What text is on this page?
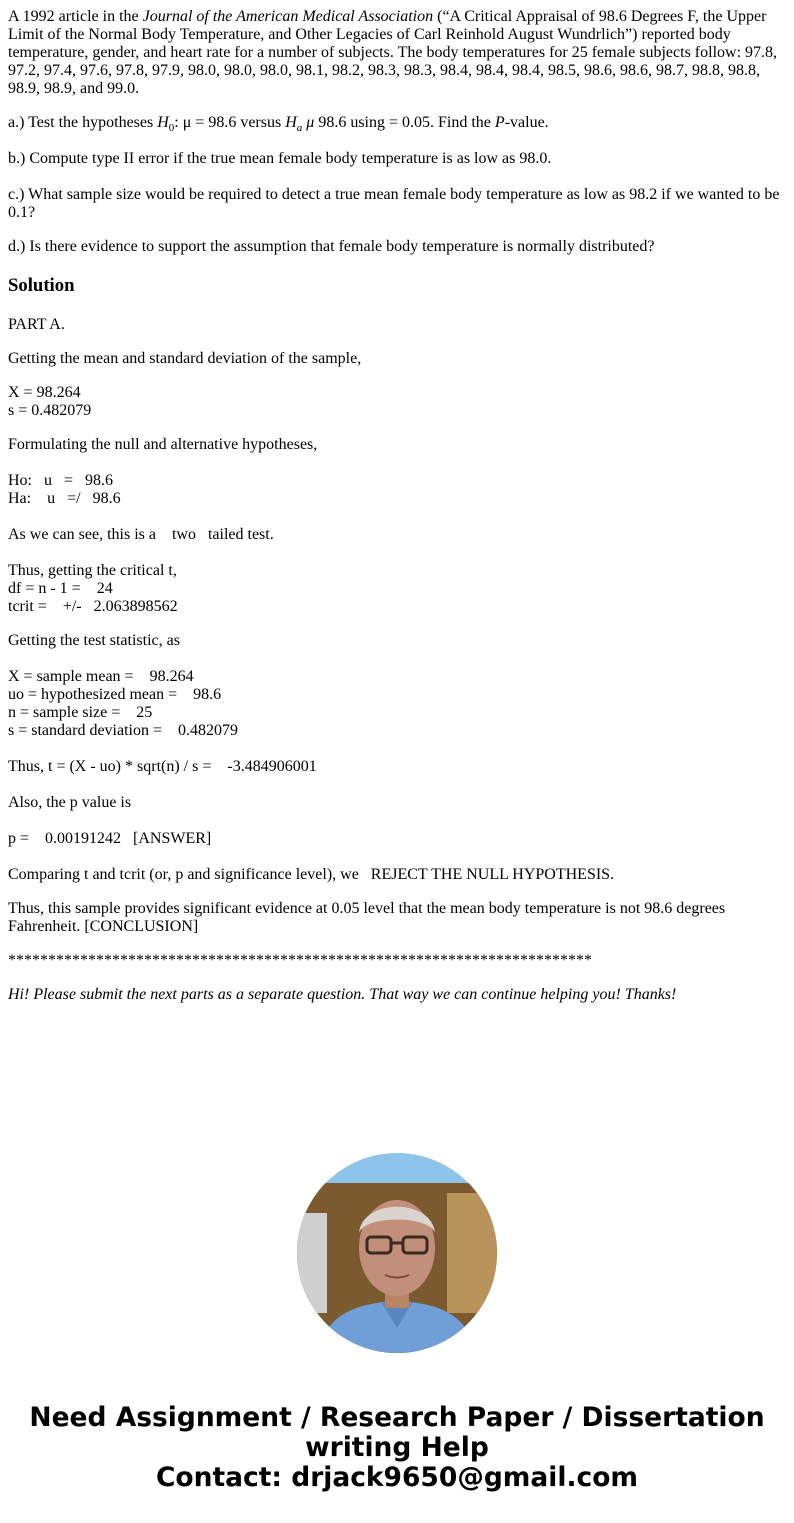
A 1992 article in the Journal of the American Medical Association (“A Critical Appraisal of 98.6 Degrees F, the Upper Limit of the Normal Body Temperature, and Other Legacies of Carl Reinhold August Wundrlich”) reported body temperature, gender, and heart rate for a number of subjects. The body temperatures for 25 female subjects follow: 97.8, 97.2, 97.4, 97.6, 97.8, 97.9, 98.0, 98.0, 98.0, 98.1, 98.2, 98.3, 98.3, 98.4, 98.4, 98.4, 98.5, 98.6, 98.6, 98.7, 98.8, 98.8, 98.9, 98.9, and 99.0.

a.) Test the hypotheses $H_0$: μ = 98.6 versus $H_a$ μ 98.6 using = 0.05. Find the P-value.

b.) Compute type II error if the true mean female body temperature is as low as 98.0.

c.) What sample size would be required to detect a true mean female body temperature as low as 98.2 if we wanted to be 0.1?

d.) Is there evidence to support the assumption that female body temperature is normally distributed?

Solution

PART A.

Getting the mean and standard deviation of the sample,

X = 98.264

s = 0.482079

Formulating the null and alternative hypotheses,

Ho:   u   =   98.6

Ha:    u   =/   98.6

As we can see, this is a    two   tailed test.

Thus, getting the critical t,

df = n - 1 =    24

tcrit =    +/-   2.063898562

Getting the test statistic, as

X = sample mean =    98.264

uo = hypothesized mean =    98.6

n = sample size =    25

s = standard deviation =    0.482079

Thus, t = (X - uo) * sqrt(n) / s =    -3.484906001

Also, the p value is

p =    0.00191242   [ANSWER]

Comparing t and tcrit (or, p and significance level), we   REJECT THE NULL HYPOTHESIS.

Thus, this sample provides significant evidence at 0.05 level that the mean body temperature is not 98.6 degrees Fahrenheit. [CONCLUSION]

*************************************************************************

Hi! Please submit the next parts as a separate question. That way we can continue helping you! Thanks!

Need Assignment / Research Paper / Dissertation
writing Help
Contact: drjack9650@gmail.com
